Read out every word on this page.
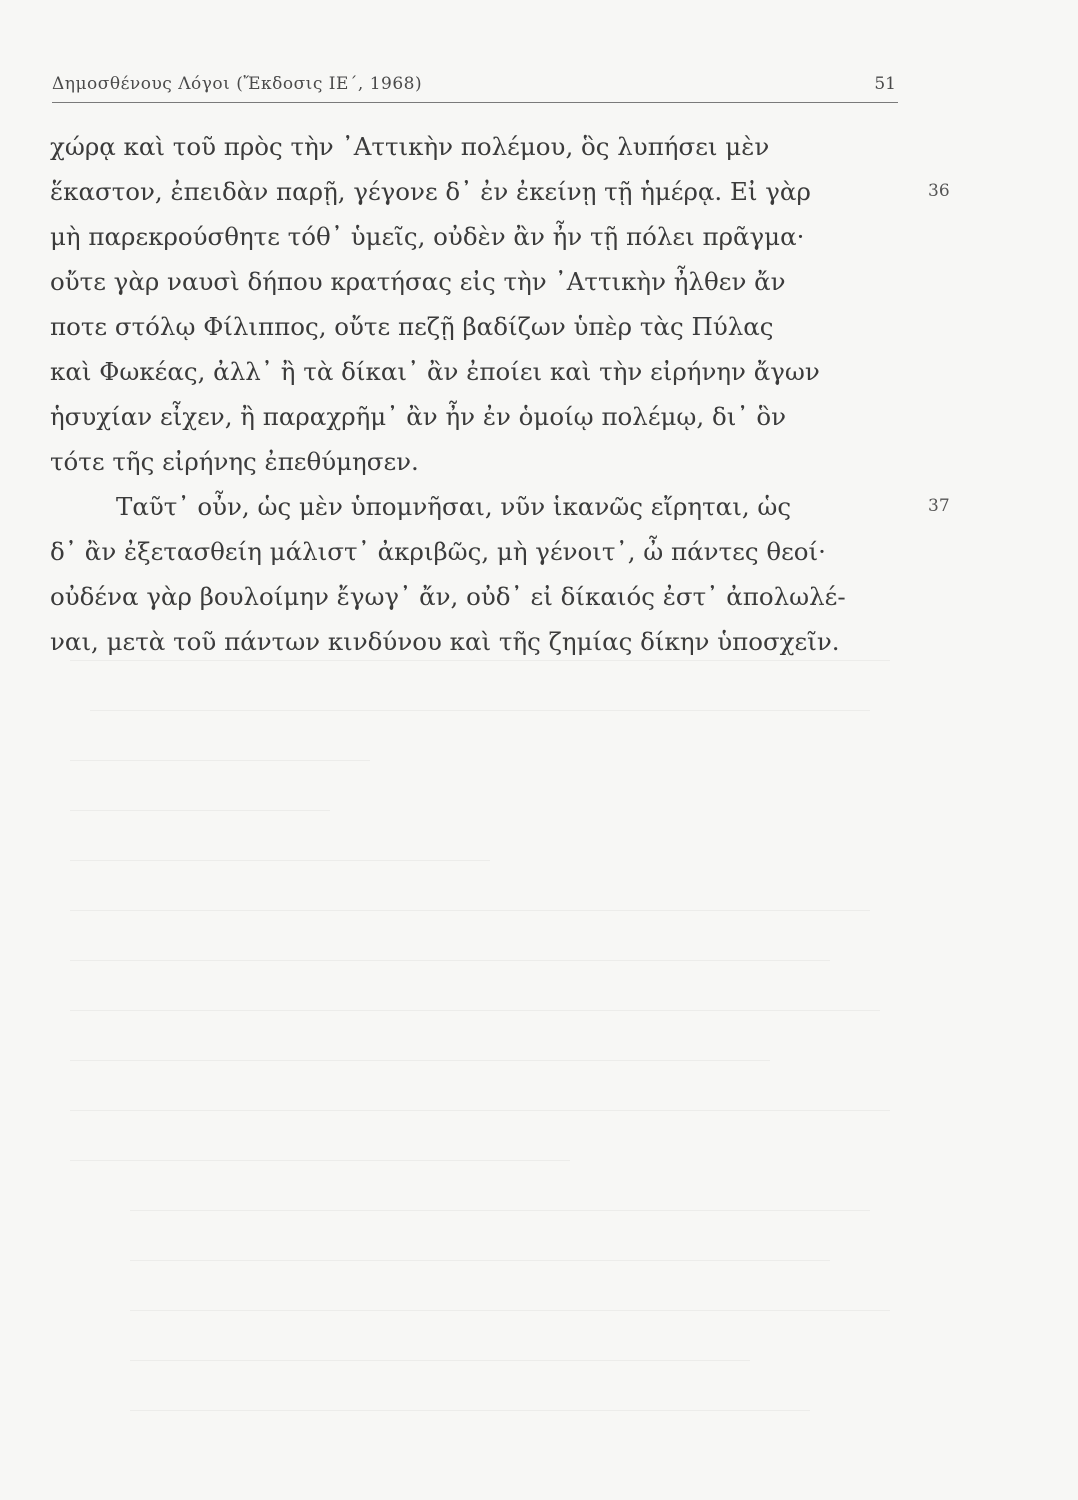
Δημοσθένους Λόγοι (Ἔκδοσις ΙΕ΄, 1968)	51
χώρᾳ καὶ τοῦ πρὸς τὴν ᾿Αττικὴν πολέμου, ὃς λυπήσει μὲν
ἕκαστον, ἐπειδὰν παρῇ, γέγονε δ᾿ ἐν ἐκείνῃ τῇ ἡμέρᾳ. Εἰ γὰρ	36
μὴ παρεκρούσθητε τόθ᾿ ὑμεῖς, οὐδὲν ἂν ἦν τῇ πόλει πρᾶγμα·
οὔτε γὰρ ναυσὶ δήπου κρατήσας εἰς τὴν ᾿Αττικὴν ἦλθεν ἄν
ποτε στόλῳ Φίλιππος, οὔτε πεζῇ βαδίζων ὑπὲρ τὰς Πύλας
καὶ Φωκέας, ἀλλ᾿ ἢ τὰ δίκαι᾿ ἂν ἐποίει καὶ τὴν εἰρήνην ἄγων
ἡσυχίαν εἶχεν, ἢ παραχρῆμ᾿ ἂν ἦν ἐν ὁμοίῳ πολέμῳ, δι᾿ ὃν
τότε τῆς εἰρήνης ἐπεθύμησεν.
Ταῦτ᾿ οὖν, ὡς μὲν ὑπομνῆσαι, νῦν ἱκανῶς εἴρηται, ὡς	37
δ᾿ ἂν ἐξετασθείη μάλιστ᾿ ἀκριβῶς, μὴ γένοιτ᾿, ὦ πάντες θεοί·
οὐδένα γὰρ βουλοίμην ἔγωγ᾿ ἄν, οὐδ᾿ εἰ δίκαιός ἐστ᾿ ἀπολωλέ-
ναι, μετὰ τοῦ πάντων κινδύνου καὶ τῆς ζημίας δίκην ὑποσχεῖν.
